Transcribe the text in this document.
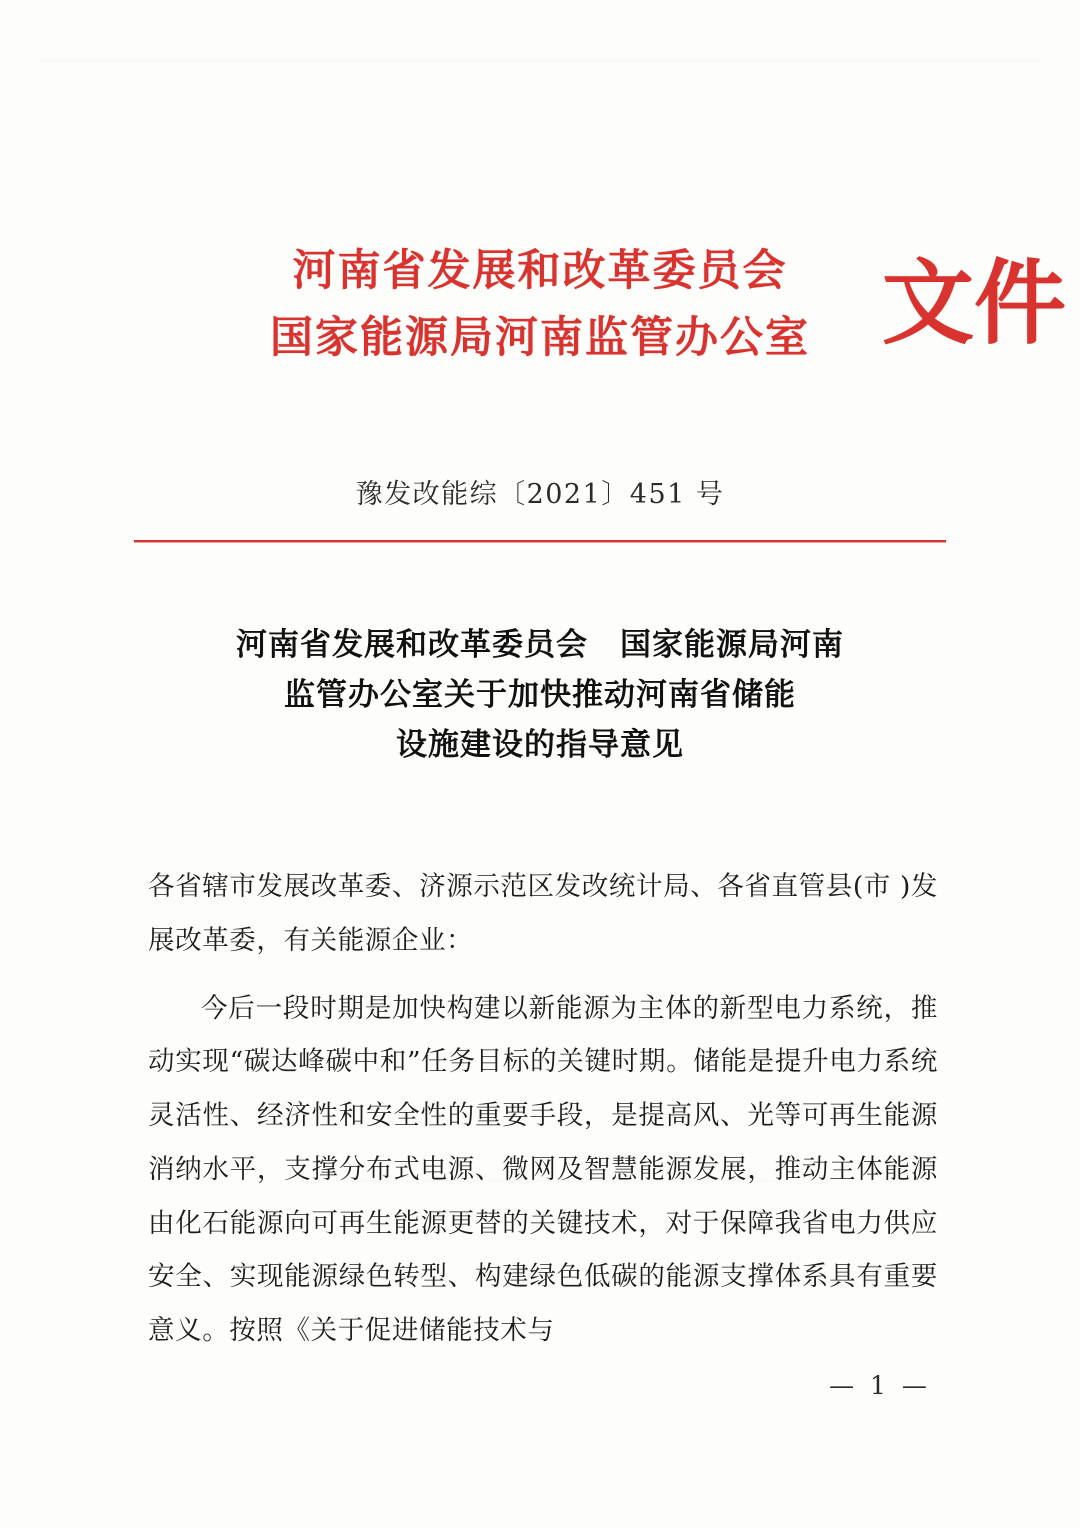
河南省发展和改革委员会
国家能源局河南监管办公室 文件
豫发改能综〔2021〕451 号
河南省发展和改革委员会　国家能源局河南
监管办公室关于加快推动河南省储能
设施建设的指导意见

各省辖市发展改革委、济源示范区发改统计局、各省直管县(市 )发展改革委，有关能源企业：

今后一段时期是加快构建以新能源为主体的新型电力系统，推动实现“碳达峰碳中和”任务目标的关键时期。储能是提升电力系统灵活性、经济性和安全性的重要手段，是提高风、光等可再生能源消纳水平，支撑分布式电源、微网及智慧能源发展，推动主体能源由化石能源向可再生能源更替的关键技术，对于保障我省电力供应安全、实现能源绿色转型、构建绿色低碳的能源支撑体系具有重要意义。按照《关于促进储能技术与

— 1 —
